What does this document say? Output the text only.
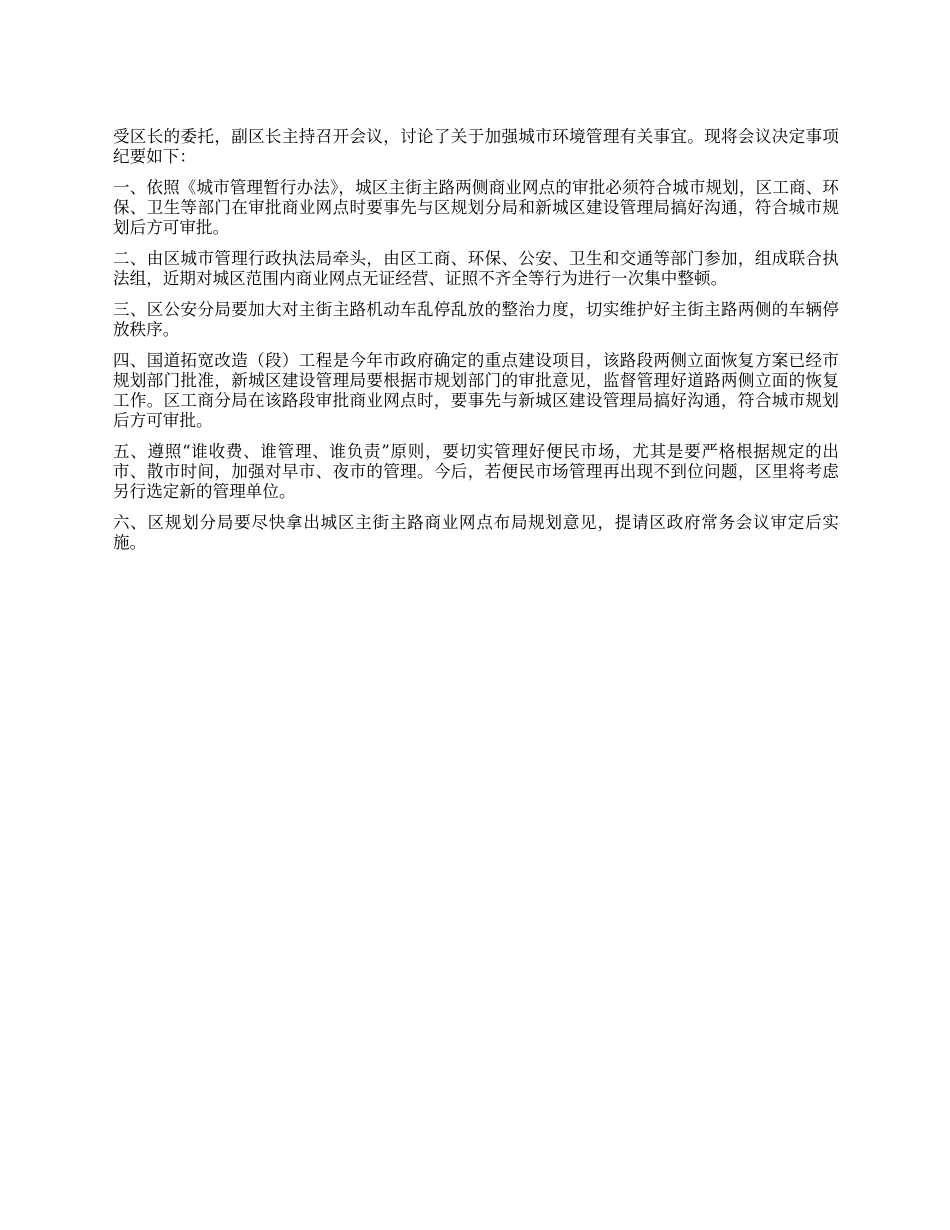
受区长的委托，副区长主持召开会议，讨论了关于加强城市环境管理有关事宜。现将会议决定事项纪要如下：

一、依照《城市管理暂行办法》，城区主街主路两侧商业网点的审批必须符合城市规划，区工商、环保、卫生等部门在审批商业网点时要事先与区规划分局和新城区建设管理局搞好沟通，符合城市规划后方可审批。

二、由区城市管理行政执法局牵头，由区工商、环保、公安、卫生和交通等部门参加，组成联合执法组，近期对城区范围内商业网点无证经营、证照不齐全等行为进行一次集中整顿。

三、区公安分局要加大对主街主路机动车乱停乱放的整治力度，切实维护好主街主路两侧的车辆停放秩序。

四、国道拓宽改造（段）工程是今年市政府确定的重点建设项目，该路段两侧立面恢复方案已经市规划部门批准，新城区建设管理局要根据市规划部门的审批意见，监督管理好道路两侧立面的恢复工作。区工商分局在该路段审批商业网点时，要事先与新城区建设管理局搞好沟通，符合城市规划后方可审批。

五、遵照“谁收费、谁管理、谁负责”原则，要切实管理好便民市场，尤其是要严格根据规定的出市、散市时间，加强对早市、夜市的管理。今后，若便民市场管理再出现不到位问题，区里将考虑另行选定新的管理单位。

六、区规划分局要尽快拿出城区主街主路商业网点布局规划意见，提请区政府常务会议审定后实施。
